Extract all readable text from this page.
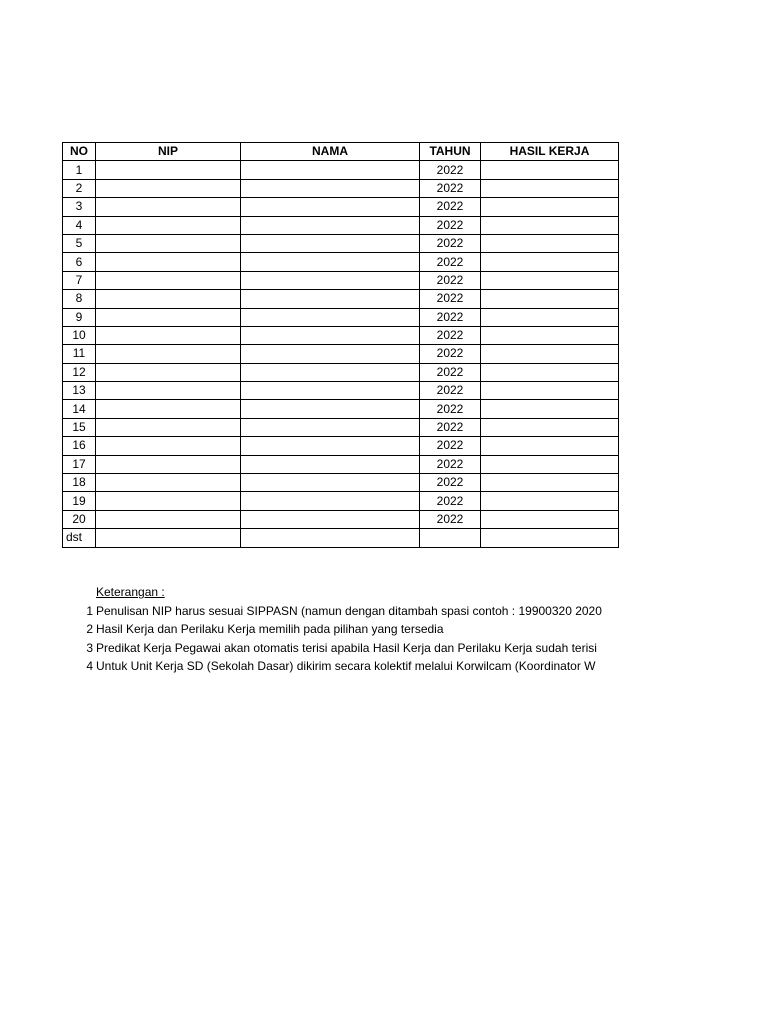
NO	NIP	NAMA	TAHUN	HASIL KERJA
1			2022	
2			2022	
3			2022	
4			2022	
5			2022	
6			2022	
7			2022	
8			2022	
9			2022	
10			2022	
11			2022	
12			2022	
13			2022	
14			2022	
15			2022	
16			2022	
17			2022	
18			2022	
19			2022	
20			2022	
dst				
Keterangan :
1 Penulisan NIP harus sesuai SIPPASN (namun dengan ditambah spasi contoh : 19900320 2020
2 Hasil Kerja dan Perilaku Kerja memilih pada pilihan yang tersedia
3 Predikat Kerja Pegawai akan otomatis terisi apabila Hasil Kerja dan Perilaku Kerja sudah terisi
4 Untuk Unit Kerja SD (Sekolah Dasar) dikirim secara kolektif melalui Korwilcam (Koordinator W
